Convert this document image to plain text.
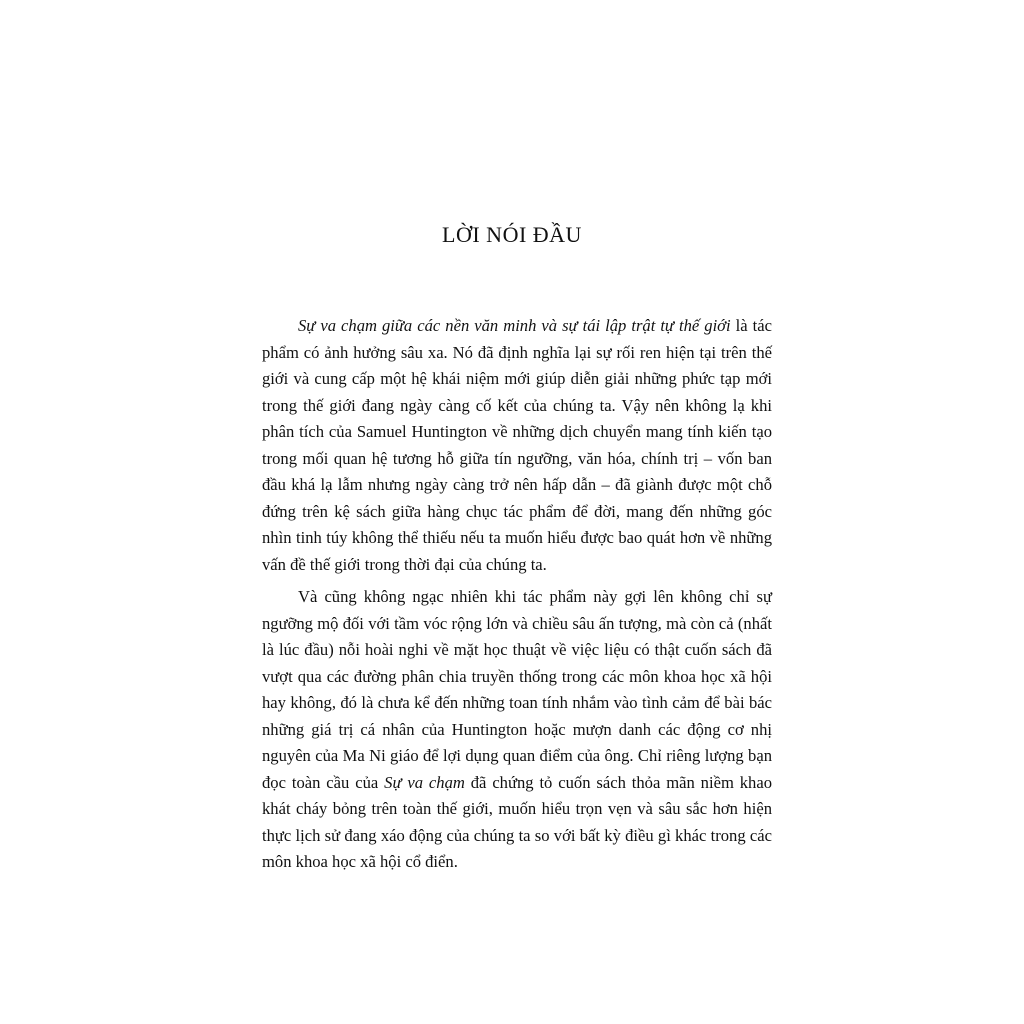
LỜI NÓI ĐẦU

Sự va chạm giữa các nền văn minh và sự tái lập trật tự thế giới là tác phẩm có ảnh hưởng sâu xa. Nó đã định nghĩa lại sự rối ren hiện tại trên thế giới và cung cấp một hệ khái niệm mới giúp diễn giải những phức tạp mới trong thế giới đang ngày càng cố kết của chúng ta. Vậy nên không lạ khi phân tích của Samuel Huntington về những dịch chuyển mang tính kiến tạo trong mối quan hệ tương hỗ giữa tín ngưỡng, văn hóa, chính trị – vốn ban đầu khá lạ lẫm nhưng ngày càng trở nên hấp dẫn – đã giành được một chỗ đứng trên kệ sách giữa hàng chục tác phẩm để đời, mang đến những góc nhìn tinh túy không thể thiếu nếu ta muốn hiểu được bao quát hơn về những vấn đề thế giới trong thời đại của chúng ta.

Và cũng không ngạc nhiên khi tác phẩm này gợi lên không chỉ sự ngưỡng mộ đối với tầm vóc rộng lớn và chiều sâu ấn tượng, mà còn cả (nhất là lúc đầu) nỗi hoài nghi về mặt học thuật về việc liệu có thật cuốn sách đã vượt qua các đường phân chia truyền thống trong các môn khoa học xã hội hay không, đó là chưa kể đến những toan tính nhắm vào tình cảm để bài bác những giá trị cá nhân của Huntington hoặc mượn danh các động cơ nhị nguyên của Ma Ni giáo để lợi dụng quan điểm của ông. Chỉ riêng lượng bạn đọc toàn cầu của Sự va chạm đã chứng tỏ cuốn sách thỏa mãn niềm khao khát cháy bỏng trên toàn thế giới, muốn hiểu trọn vẹn và sâu sắc hơn hiện thực lịch sử đang xáo động của chúng ta so với bất kỳ điều gì khác trong các môn khoa học xã hội cổ điển.
